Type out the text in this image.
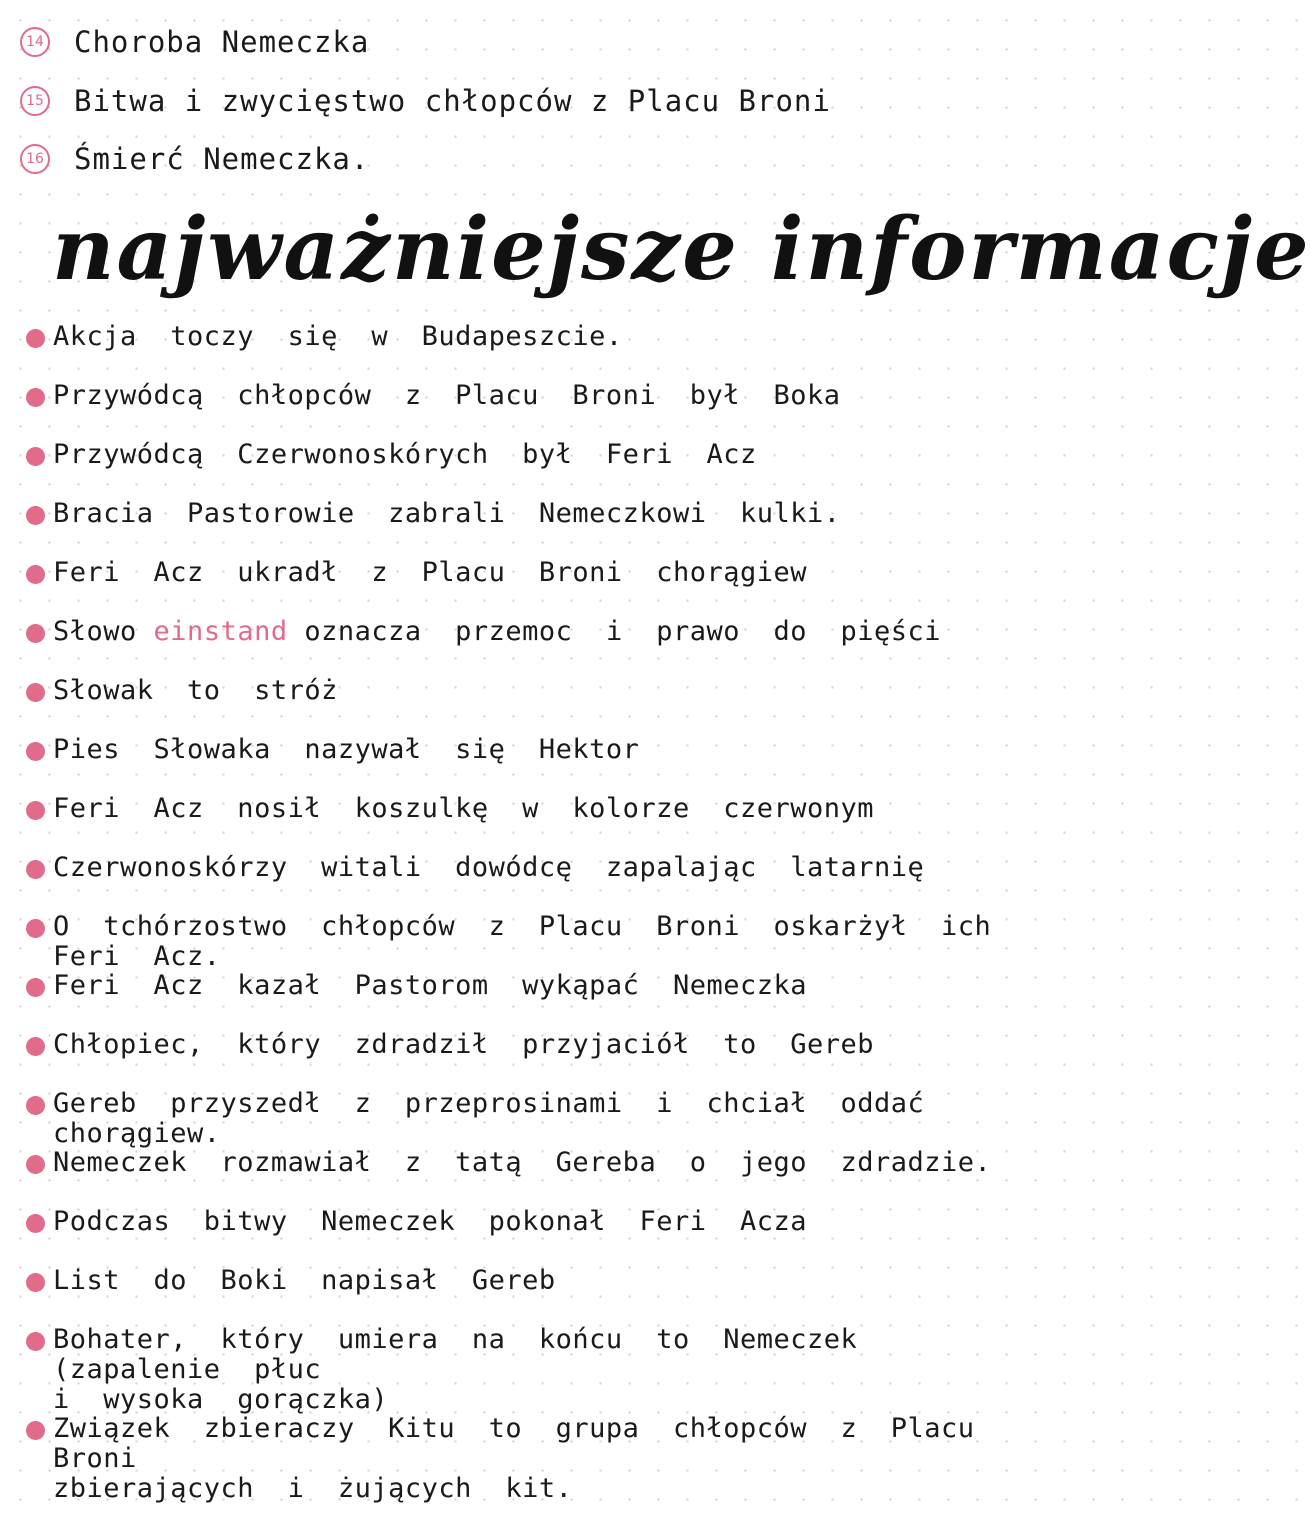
14 Choroba Nemeczka
15 Bitwa i zwycięstwo chłopców z Placu Broni
16 Śmierć Nemeczka.
najważniejsze informacje
Akcja  toczy  się  w  Budapeszcie.
Przywódcą  chłopców  z  Placu  Broni  był  Boka
Przywódcą  Czerwonoskórych  był  Feri  Acz
Bracia  Pastorowie  zabrali  Nemeczkowi  kulki.
Feri  Acz  ukradł  z  Placu  Broni  chorągiew
Słowo einstand oznacza  przemoc  i  prawo  do  pięści
Słowak  to  stróż
Pies  Słowaka  nazywał  się  Hektor
Feri  Acz  nosił  koszulkę  w  kolorze  czerwonym
Czerwonoskórzy  witali  dowódcę  zapalając  latarnię
O  tchórzostwo  chłopców  z  Placu  Broni  oskarżył  ich  Feri  Acz.
Feri  Acz  kazał  Pastorom  wykąpać  Nemeczka
Chłopiec,  który  zdradził  przyjaciół  to  Gereb
Gereb  przyszedł  z  przeprosinami  i  chciał  oddać  chorągiew.
Nemeczek  rozmawiał  z  tatą  Gereba  o  jego  zdradzie.
Podczas  bitwy  Nemeczek  pokonał  Feri  Acza
List  do  Boki  napisał  Gereb
Bohater,  który  umiera  na  końcu  to  Nemeczek  (zapalenie  płuc
i  wysoka  gorączka)
Związek  zbieraczy  Kitu  to  grupa  chłopców  z  Placu  Broni
zbierających  i  żujących  kit.
